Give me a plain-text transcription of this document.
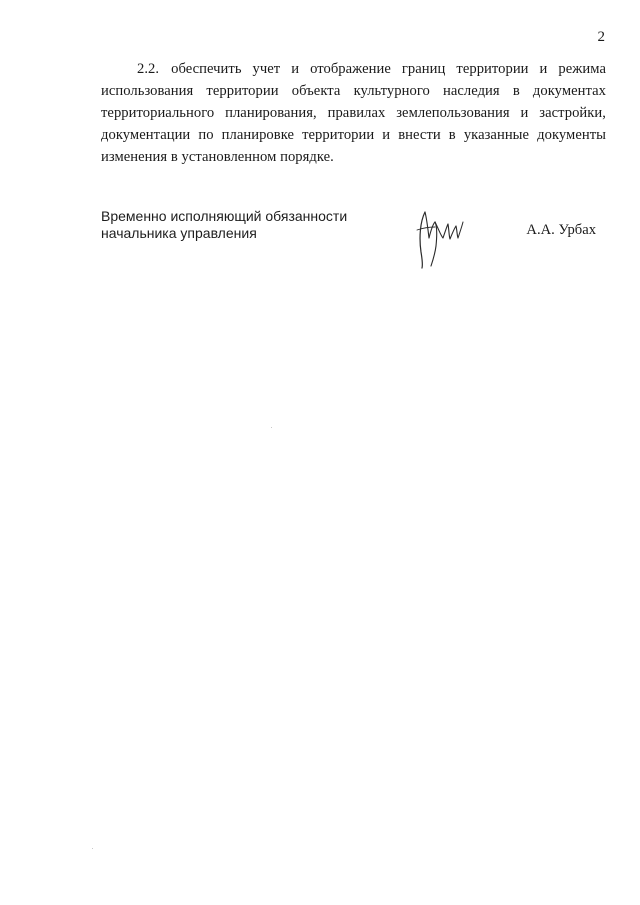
2

2.2. обеспечить учет и отображение границ территории и режима использования территории объекта культурного наследия в документах территориального планирования, правилах землепользования и застройки, документации по планировке территории и внести в указанные документы изменения в установленном порядке.

Временно исполняющий обязанности
начальника управления	А.А. Урбах
